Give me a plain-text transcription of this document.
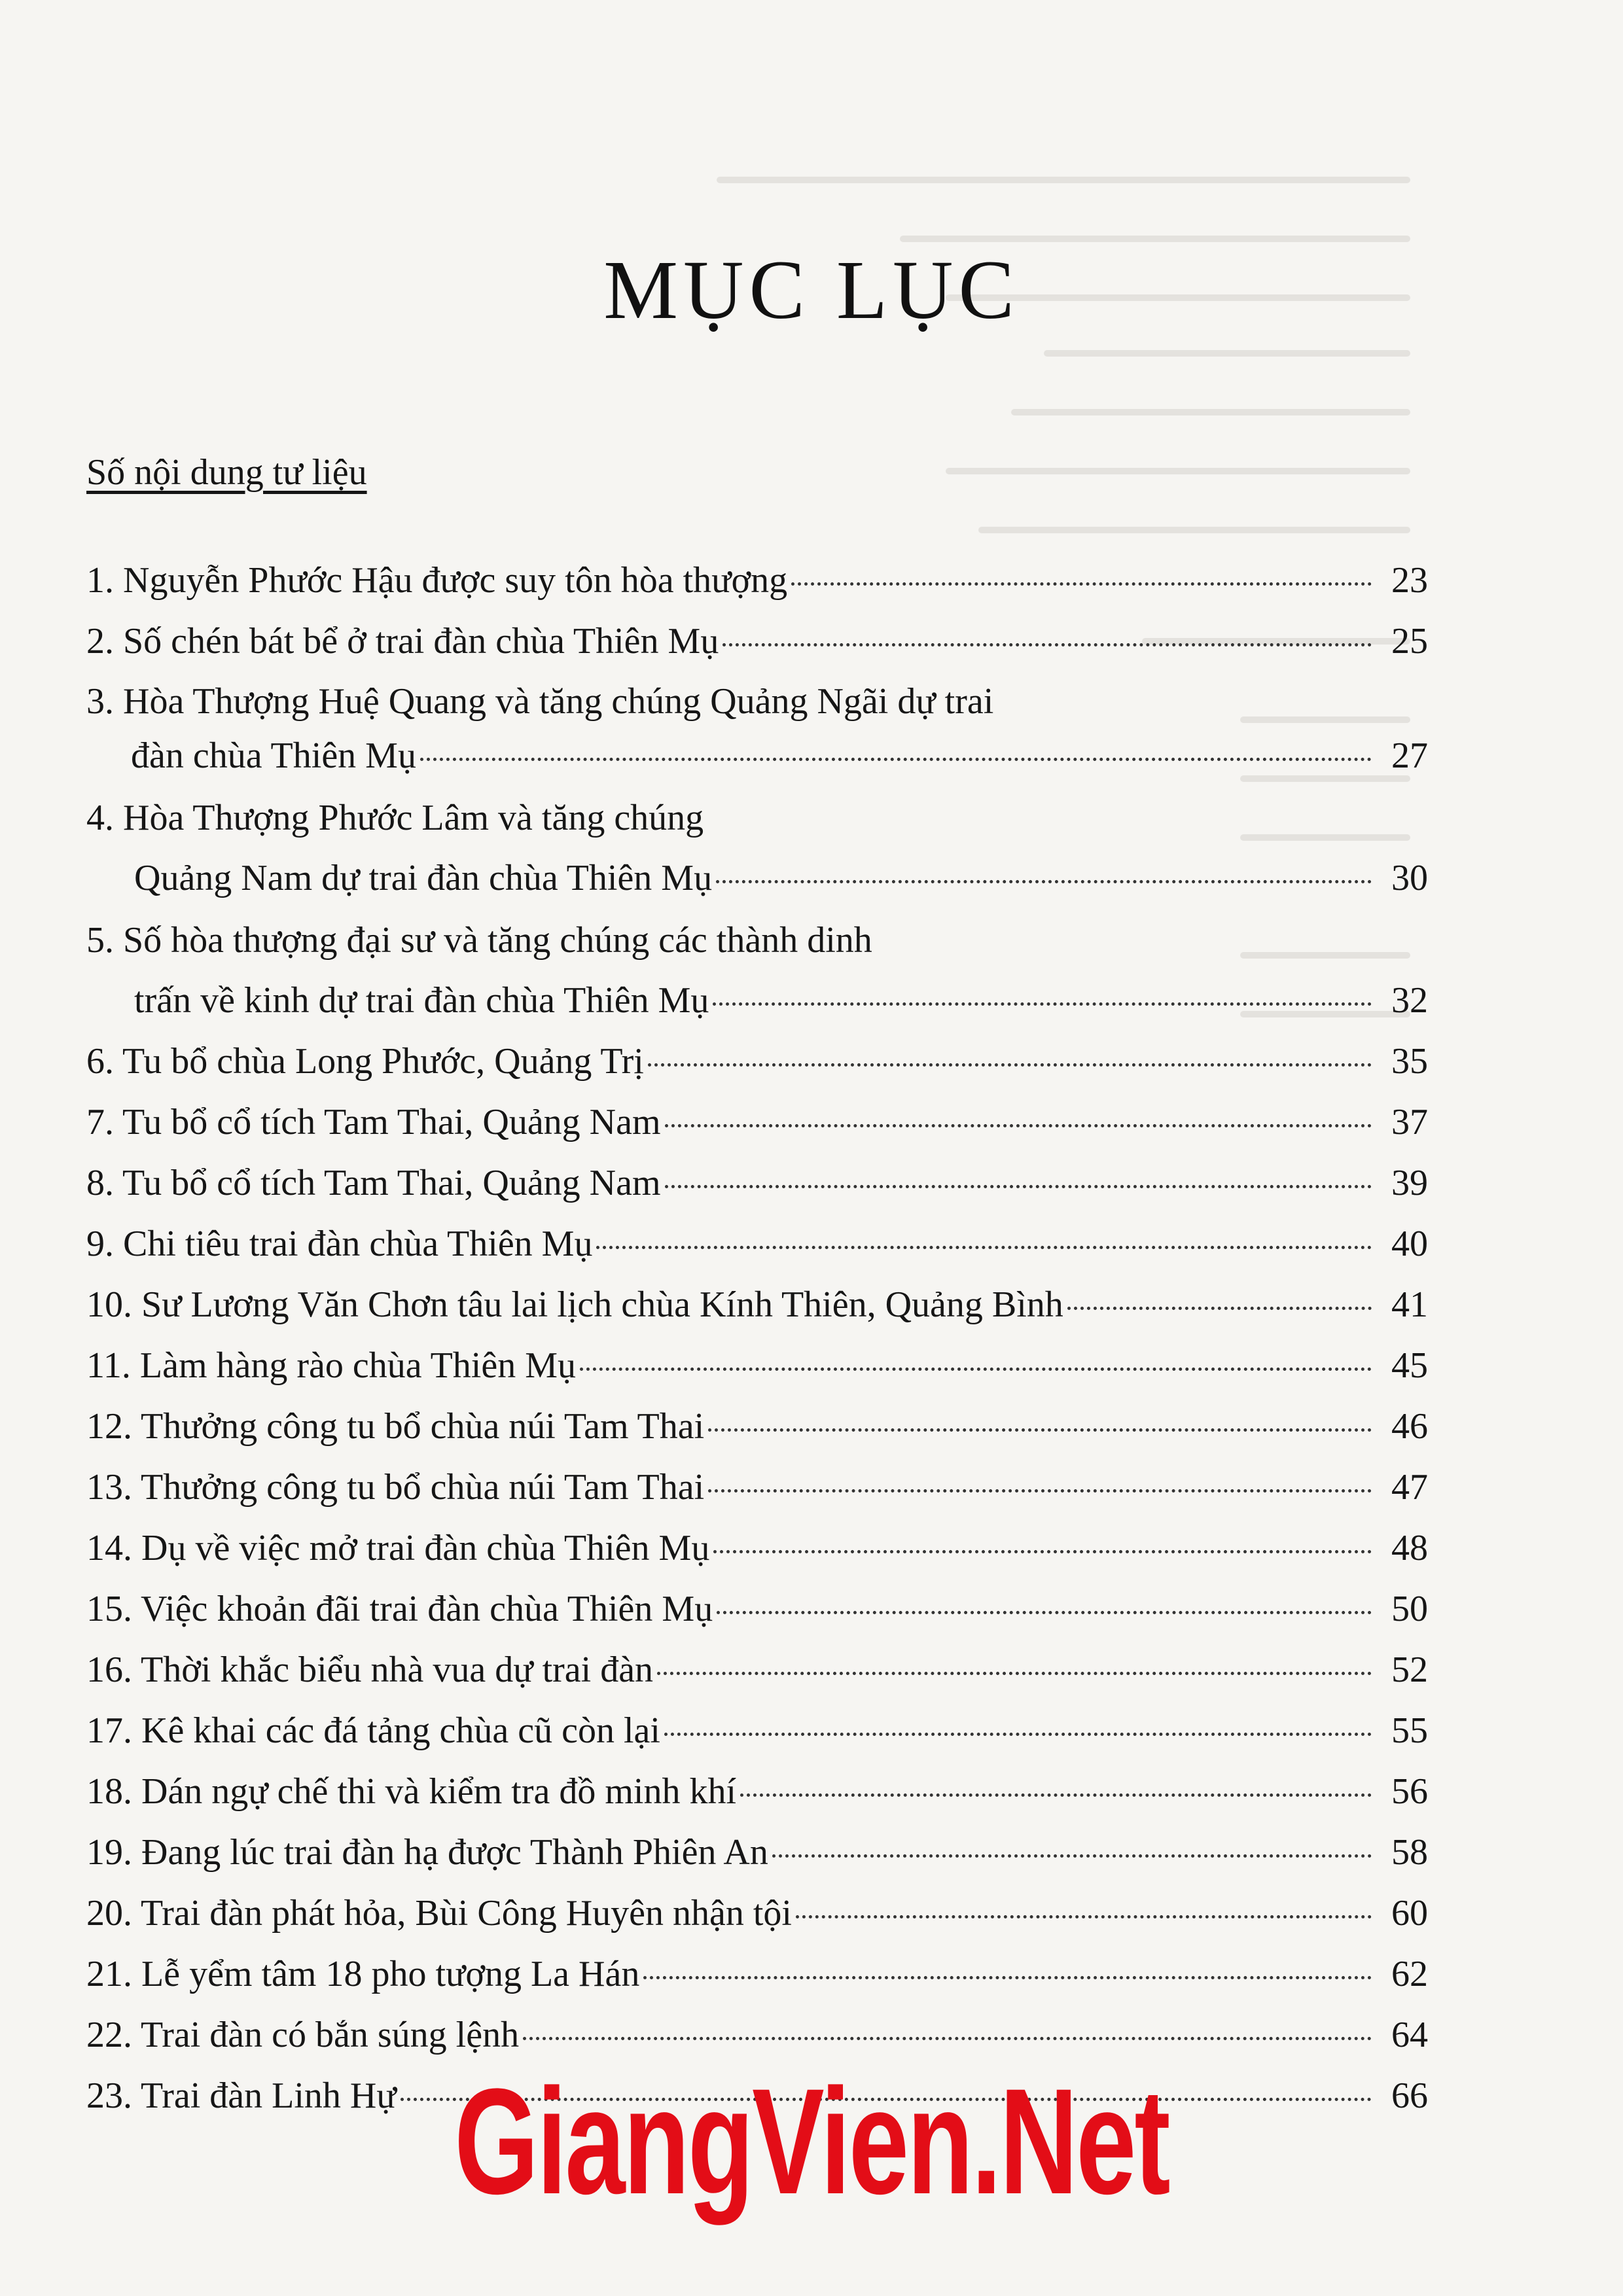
MỤC LỤC
Số nội dung tư liệu
1. Nguyễn Phước Hậu được suy tôn hòa thượng	23
2. Số chén bát bể ở trai đàn chùa Thiên Mụ	25
3. Hòa Thượng Huệ Quang và tăng chúng Quảng Ngãi dự trai
đàn chùa Thiên Mụ	27
4. Hòa Thượng Phước Lâm và tăng chúng
Quảng Nam dự trai đàn chùa Thiên Mụ	30
5. Số hòa thượng đại sư và tăng chúng các thành dinh
trấn về kinh dự trai đàn chùa Thiên Mụ	32
6. Tu bổ chùa Long Phước, Quảng Trị	35
7. Tu bổ cổ tích Tam Thai, Quảng Nam	37
8. Tu bổ cổ tích Tam Thai, Quảng Nam	39
9. Chi tiêu trai đàn chùa Thiên Mụ	40
10. Sư Lương Văn Chơn tâu lai lịch chùa Kính Thiên, Quảng Bình	41
11. Làm hàng rào chùa Thiên Mụ	45
12. Thưởng công tu bổ chùa núi Tam Thai	46
13. Thưởng công tu bổ chùa núi Tam Thai	47
14. Dụ về việc mở trai đàn chùa Thiên Mụ	48
15. Việc khoản đãi trai đàn chùa Thiên Mụ	50
16. Thời khắc biểu nhà vua dự trai đàn	52
17. Kê khai các đá tảng chùa cũ còn lại	55
18. Dán ngự chế thi và kiểm tra đồ minh khí	56
19. Đang lúc trai đàn hạ được Thành Phiên An	58
20. Trai đàn phát hỏa, Bùi Công Huyên nhận tội	60
21. Lễ yểm tâm 18 pho tượng La Hán	62
22. Trai đàn có bắn súng lệnh	64
23. Trai đàn Linh Hự	66
GiangVien.Net
